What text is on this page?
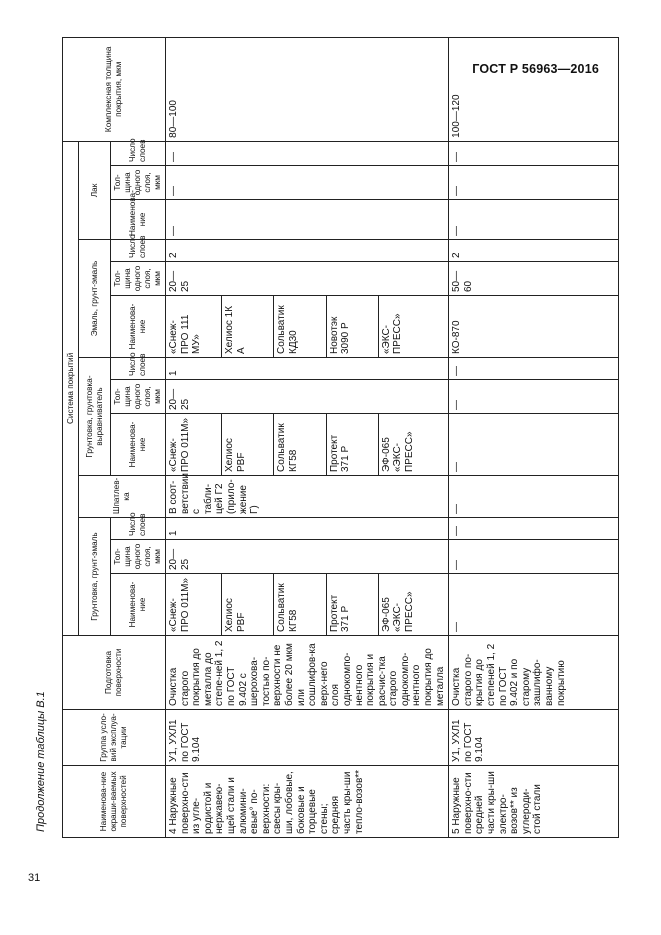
ГОСТ Р 56963—2016
Продолжение таблицы В.1	Наименова-ние окраши-ваемых поверхностей	Группа усло-вий эксплуа-тации	Подготовка поверхности	Система покрытий													Комплексная толщина покрытия, мкм
			Грунтовка, грунт-эмаль			Шпатлев-ка	Грунтовка, грунтовка-выравниватель			Эмаль, грунт-эмаль			Лак			
			Наименова-ние	Тол-щина одного слоя, мкм	Число слоев		Наименова-ние	Тол-щина одного слоя, мкм	Число слоев	Наименова-ние	Тол-щина одного слоя, мкм	Число слоев	Наименова-ние	Тол-щина одного слоя, мкм	Число слоев	
4 Наружные поверхно-сти из угле-родистой и нержавею-щей стали и алюмини-евые° по-верхности: свесы кры-ши, лобовые, боковые и торцевые стены; средняя часть кры-ши тепло-возов**	У1, УХЛ1 по ГОСТ 9.104	Очистка старого покрытия до металла до степе-ней 1, 2 по ГОСТ 9.402 с шерохова-тостью по-верхности не более 20 мкм или сошлифов-ка верх-него слоя однокомпо-нентного покрытия и расчис-тка старого однокомпо-нентного покрытия до металла	«Снеж-ПРО 011М»	20—25	1	В соот-ветствии с табли-цей Г2 (прило-жение Г)	«Снеж-ПРО 011М»	20—25	1	«Снеж-ПРО 111 МУ»	20—25	2	—	—	—	80—100
			Хелиос PBF				Хелиос PBF			Хелиос 1К А						
			Сольватик КГ58				Сольватик КГ58			Сольватик КД30						
			Протект 371 Р				Протект 371 Р			Новотэк 3090 Р						
			ЭФ-065 «ЭКС-ПРЕСС»				ЭФ-065 «ЭКС-ПРЕСС»			«ЭКС-ПРЕСС»						
5 Наружные поверхно-сти средней части кры-ши электро-возов** из углероди-стой стали	У1, УХЛ1 по ГОСТ 9.104	Очистка старого по-крытия до степеней 1, 2 по ГОСТ 9.402 и по старому зашлифо-ванному покрытию	—	—	—	—	—	—	—	КО-870	50—60	2	—	—	—	100—120
31
